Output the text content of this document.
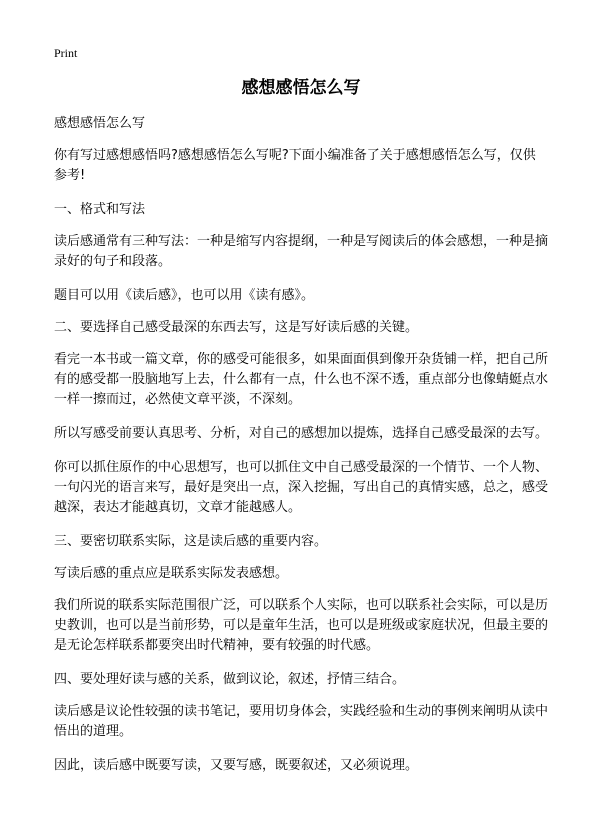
Print
感想感悟怎么写

感想感悟怎么写

你有写过感想感悟吗?感想感悟怎么写呢?下面小编准备了关于感想感悟怎么写，仅供参考!

一、格式和写法

读后感通常有三种写法：一种是缩写内容提纲，一种是写阅读后的体会感想，一种是摘录好的句子和段落。

题目可以用《读后感》，也可以用《读有感》。

二、要选择自己感受最深的东西去写，这是写好读后感的关键。

看完一本书或一篇文章，你的感受可能很多，如果面面俱到像开杂货铺一样，把自己所有的感受都一股脑地写上去，什么都有一点，什么也不深不透，重点部分也像蜻蜓点水一样一擦而过，必然使文章平淡，不深刻。

所以写感受前要认真思考、分析，对自己的感想加以提炼，选择自己感受最深的去写。

你可以抓住原作的中心思想写，也可以抓住文中自己感受最深的一个情节、一个人物、一句闪光的语言来写，最好是突出一点，深入挖掘，写出自己的真情实感，总之，感受越深，表达才能越真切，文章才能越感人。

三、要密切联系实际，这是读后感的重要内容。

写读后感的重点应是联系实际发表感想。

我们所说的联系实际范围很广泛，可以联系个人实际，也可以联系社会实际，可以是历史教训，也可以是当前形势，可以是童年生活，也可以是班级或家庭状况，但最主要的是无论怎样联系都要突出时代精神，要有较强的时代感。

四、要处理好读与感的关系，做到议论，叙述，抒情三结合。

读后感是议论性较强的读书笔记，要用切身体会，实践经验和生动的事例来阐明从读中悟出的道理。

因此，读后感中既要写读，又要写感，既要叙述，又必须说理。
